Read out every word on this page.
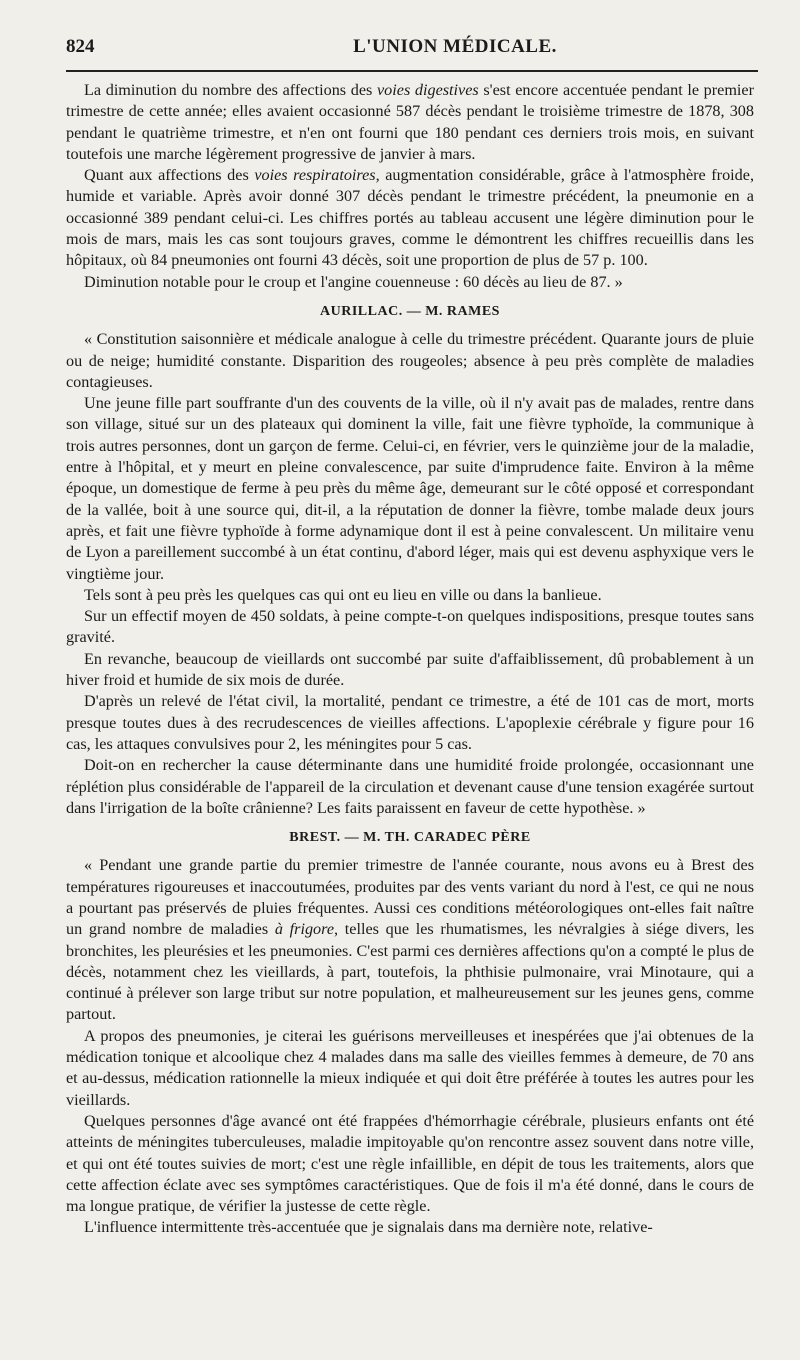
824	L'UNION MÉDICALE.

La diminution du nombre des affections des voies digestives s'est encore accentuée pendant le premier trimestre de cette année; elles avaient occasionné 587 décès pendant le troisième trimestre de 1878, 308 pendant le quatrième trimestre, et n'en ont fourni que 180 pendant ces derniers trois mois, en suivant toutefois une marche légèrement progressive de janvier à mars.

Quant aux affections des voies respiratoires, augmentation considérable, grâce à l'atmosphère froide, humide et variable. Après avoir donné 307 décès pendant le trimestre précédent, la pneumonie en a occasionné 389 pendant celui-ci. Les chiffres portés au tableau accusent une légère diminution pour le mois de mars, mais les cas sont toujours graves, comme le démontrent les chiffres recueillis dans les hôpitaux, où 84 pneumonies ont fourni 43 décès, soit une proportion de plus de 57 p. 100.

Diminution notable pour le croup et l'angine couenneuse : 60 décès au lieu de 87. »

AURILLAC. — M. RAMES

« Constitution saisonnière et médicale analogue à celle du trimestre précédent. Quarante jours de pluie ou de neige; humidité constante. Disparition des rougeoles; absence à peu près complète de maladies contagieuses.

Une jeune fille part souffrante d'un des couvents de la ville, où il n'y avait pas de malades, rentre dans son village, situé sur un des plateaux qui dominent la ville, fait une fièvre typhoïde, la communique à trois autres personnes, dont un garçon de ferme. Celui-ci, en février, vers le quinzième jour de la maladie, entre à l'hôpital, et y meurt en pleine convalescence, par suite d'imprudence faite. Environ à la même époque, un domestique de ferme à peu près du même âge, demeurant sur le côté opposé et correspondant de la vallée, boit à une source qui, dit-il, a la réputation de donner la fièvre, tombe malade deux jours après, et fait une fièvre typhoïde à forme adynamique dont il est à peine convalescent. Un militaire venu de Lyon a pareillement succombé à un état continu, d'abord léger, mais qui est devenu asphyxique vers le vingtième jour.

Tels sont à peu près les quelques cas qui ont eu lieu en ville ou dans la banlieue.

Sur un effectif moyen de 450 soldats, à peine compte-t-on quelques indispositions, presque toutes sans gravité.

En revanche, beaucoup de vieillards ont succombé par suite d'affaiblissement, dû probablement à un hiver froid et humide de six mois de durée.

D'après un relevé de l'état civil, la mortalité, pendant ce trimestre, a été de 101 cas de mort, morts presque toutes dues à des recrudescences de vieilles affections. L'apoplexie cérébrale y figure pour 16 cas, les attaques convulsives pour 2, les méningites pour 5 cas.

Doit-on en rechercher la cause déterminante dans une humidité froide prolongée, occasionnant une réplétion plus considérable de l'appareil de la circulation et devenant cause d'une tension exagérée surtout dans l'irrigation de la boîte crânienne? Les faits paraissent en faveur de cette hypothèse. »

BREST. — M. TH. CARADEC PÈRE

« Pendant une grande partie du premier trimestre de l'année courante, nous avons eu à Brest des températures rigoureuses et inaccoutumées, produites par des vents variant du nord à l'est, ce qui ne nous a pourtant pas préservés de pluies fréquentes. Aussi ces conditions météorologiques ont-elles fait naître un grand nombre de maladies à frigore, telles que les rhumatismes, les névralgies à siége divers, les bronchites, les pleurésies et les pneumonies. C'est parmi ces dernières affections qu'on a compté le plus de décès, notamment chez les vieillards, à part, toutefois, la phthisie pulmonaire, vrai Minotaure, qui a continué à prélever son large tribut sur notre population, et malheureusement sur les jeunes gens, comme partout.

A propos des pneumonies, je citerai les guérisons merveilleuses et inespérées que j'ai obtenues de la médication tonique et alcoolique chez 4 malades dans ma salle des vieilles femmes à demeure, de 70 ans et au-dessus, médication rationnelle la mieux indiquée et qui doit être préférée à toutes les autres pour les vieillards.

Quelques personnes d'âge avancé ont été frappées d'hémorrhagie cérébrale, plusieurs enfants ont été atteints de méningites tuberculeuses, maladie impitoyable qu'on rencontre assez souvent dans notre ville, et qui ont été toutes suivies de mort; c'est une règle infaillible, en dépit de tous les traitements, alors que cette affection éclate avec ses symptômes caractéristiques. Que de fois il m'a été donné, dans le cours de ma longue pratique, de vérifier la justesse de cette règle.

L'influence intermittente très-accentuée que je signalais dans ma dernière note, relative-
